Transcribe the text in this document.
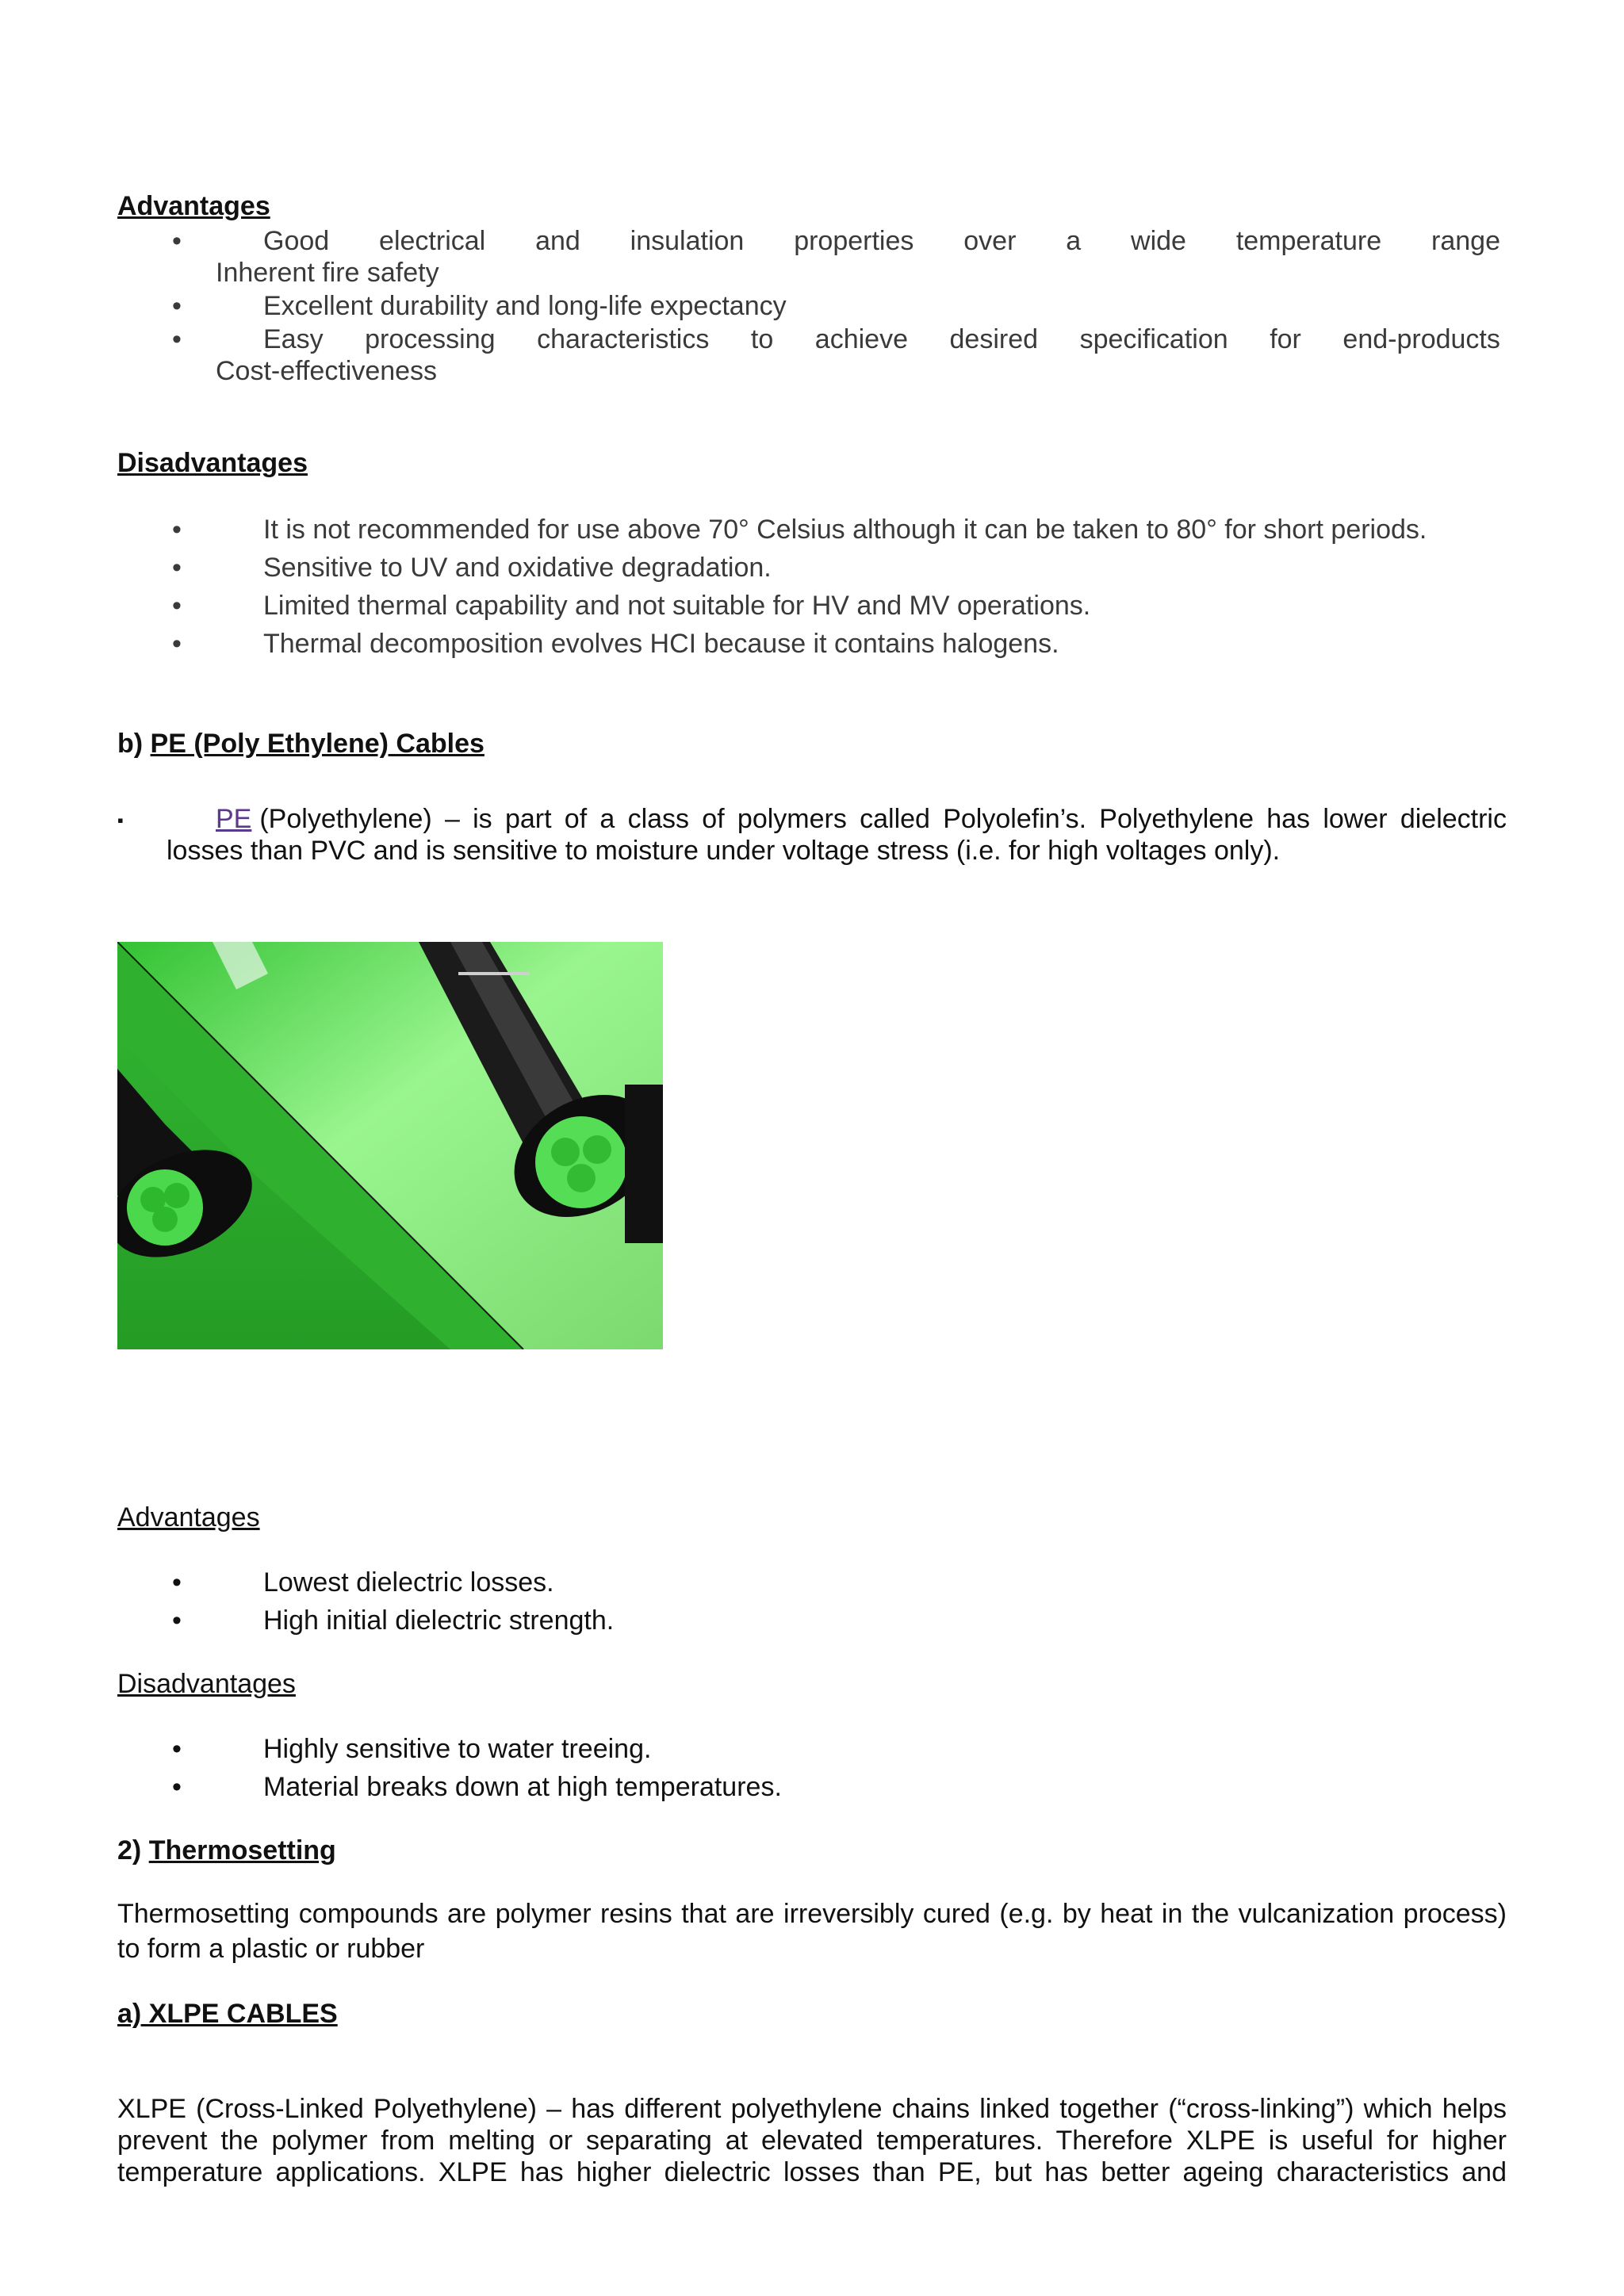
Advantages
•	Good electrical and insulation properties over a wide temperature range
Inherent fire safety
•	Excellent durability and long-life expectancy
•	Easy processing characteristics to achieve desired specification for end-products
Cost-effectiveness
Disadvantages
•	It is not recommended for use above 70° Celsius although it can be taken to 80° for short periods.
•	Sensitive to UV and oxidative degradation.
•	Limited thermal capability and not suitable for HV and MV operations.
•	Thermal decomposition evolves HCI because it contains halogens.
b) PE (Poly Ethylene) Cables
▪	PE (Polyethylene) – is part of a class of polymers called Polyolefin’s. Polyethylene has lower dielectric
losses than PVC and is sensitive to moisture under voltage stress (i.e. for high voltages only).
Advantages
•	Lowest dielectric losses.
•	High initial dielectric strength.
Disadvantages
•	Highly sensitive to water treeing.
•	Material breaks down at high temperatures.
2) Thermosetting
Thermosetting compounds are polymer resins that are irreversibly cured (e.g. by heat in the vulcanization process)
to form a plastic or rubber
a) XLPE CABLES
XLPE (Cross-Linked Polyethylene) – has different polyethylene chains linked together (“cross-linking”) which helps
prevent the polymer from melting or separating at elevated temperatures. Therefore XLPE is useful for higher
temperature applications. XLPE has higher dielectric losses than PE, but has better ageing characteristics and
